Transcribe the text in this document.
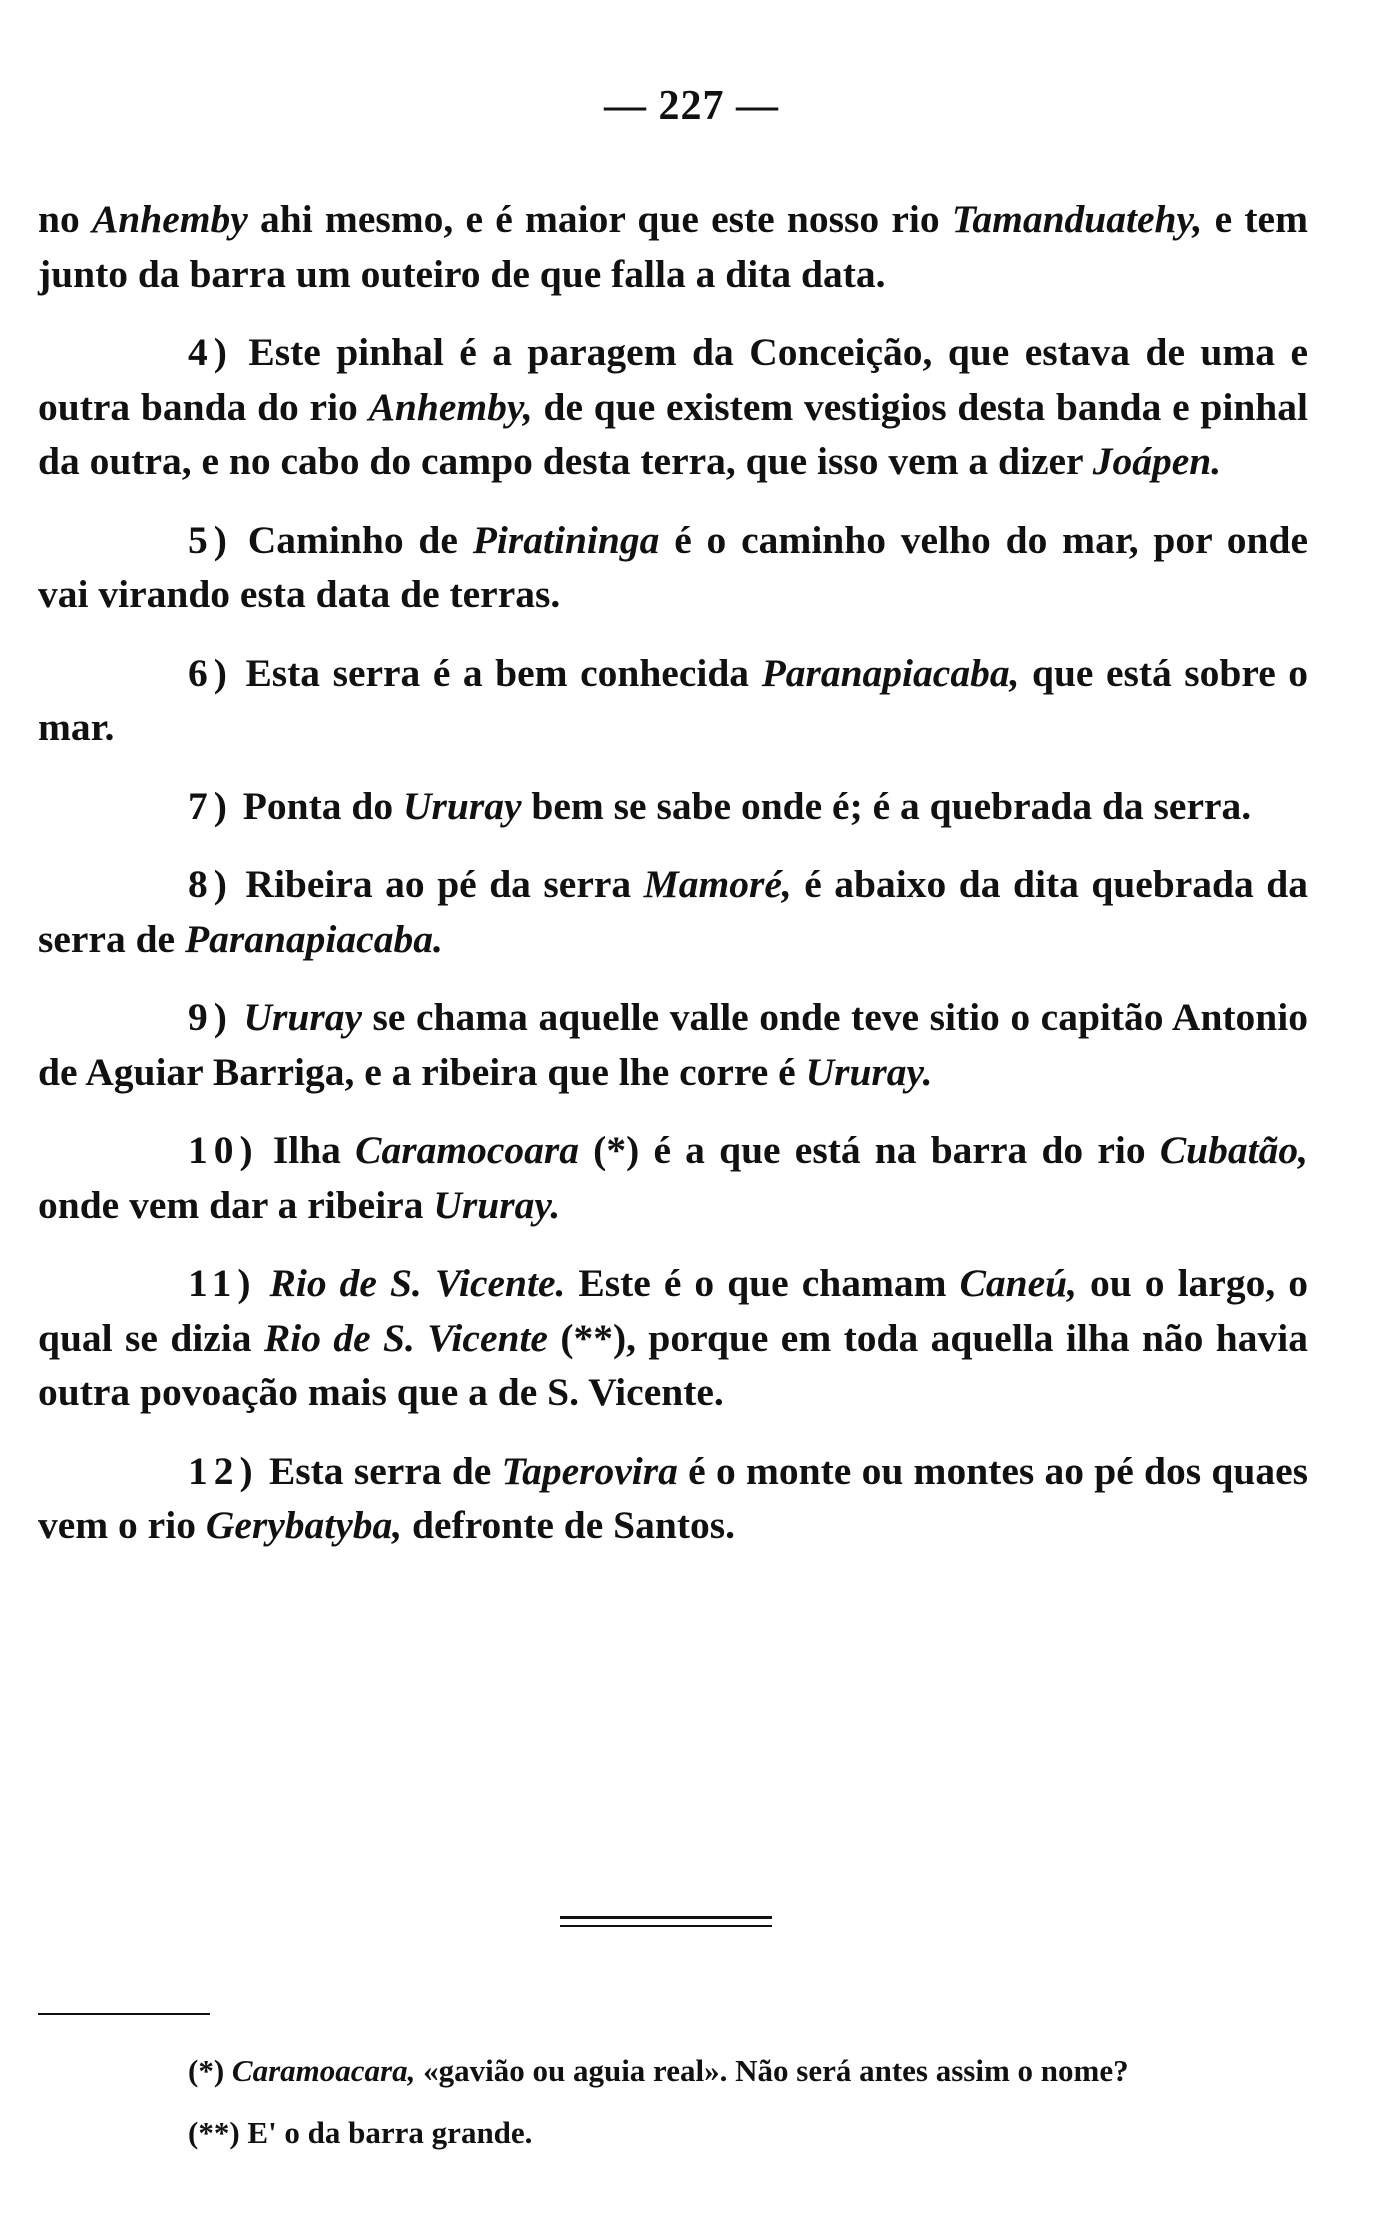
— 227 —

no Anhemby ahi mesmo, e é maior que este nosso rio Tamanduatehy, e tem junto da barra um outeiro de que falla a dita data.

4) Este pinhal é a paragem da Conceição, que estava de uma e outra banda do rio Anhemby, de que existem vestigios desta banda e pinhal da outra, e no cabo do campo desta terra, que isso vem a dizer Joápen.

5) Caminho de Piratininga é o caminho velho do mar, por onde vai virando esta data de terras.

6) Esta serra é a bem conhecida Paranapiacaba, que está sobre o mar.

7) Ponta do Ururay bem se sabe onde é; é a quebrada da serra.

8) Ribeira ao pé da serra Mamoré, é abaixo da dita quebrada da serra de Paranapiacaba.

9) Ururay se chama aquelle valle onde teve sitio o capitão Antonio de Aguiar Barriga, e a ribeira que lhe corre é Ururay.

10) Ilha Caramocoara (*) é a que está na barra do rio Cubatão, onde vem dar a ribeira Ururay.

11) Rio de S. Vicente. Este é o que chamam Caneú, ou o largo, o qual se dizia Rio de S. Vicente (**), porque em toda aquella ilha não havia outra povoação mais que a de S. Vicente.

12) Esta serra de Taperovira é o monte ou montes ao pé dos quaes vem o rio Gerybatyba, defronte de Santos.

(*) Caramoacara, «gavião ou aguia real». Não será antes assim o nome?

(**) E' o da barra grande.
